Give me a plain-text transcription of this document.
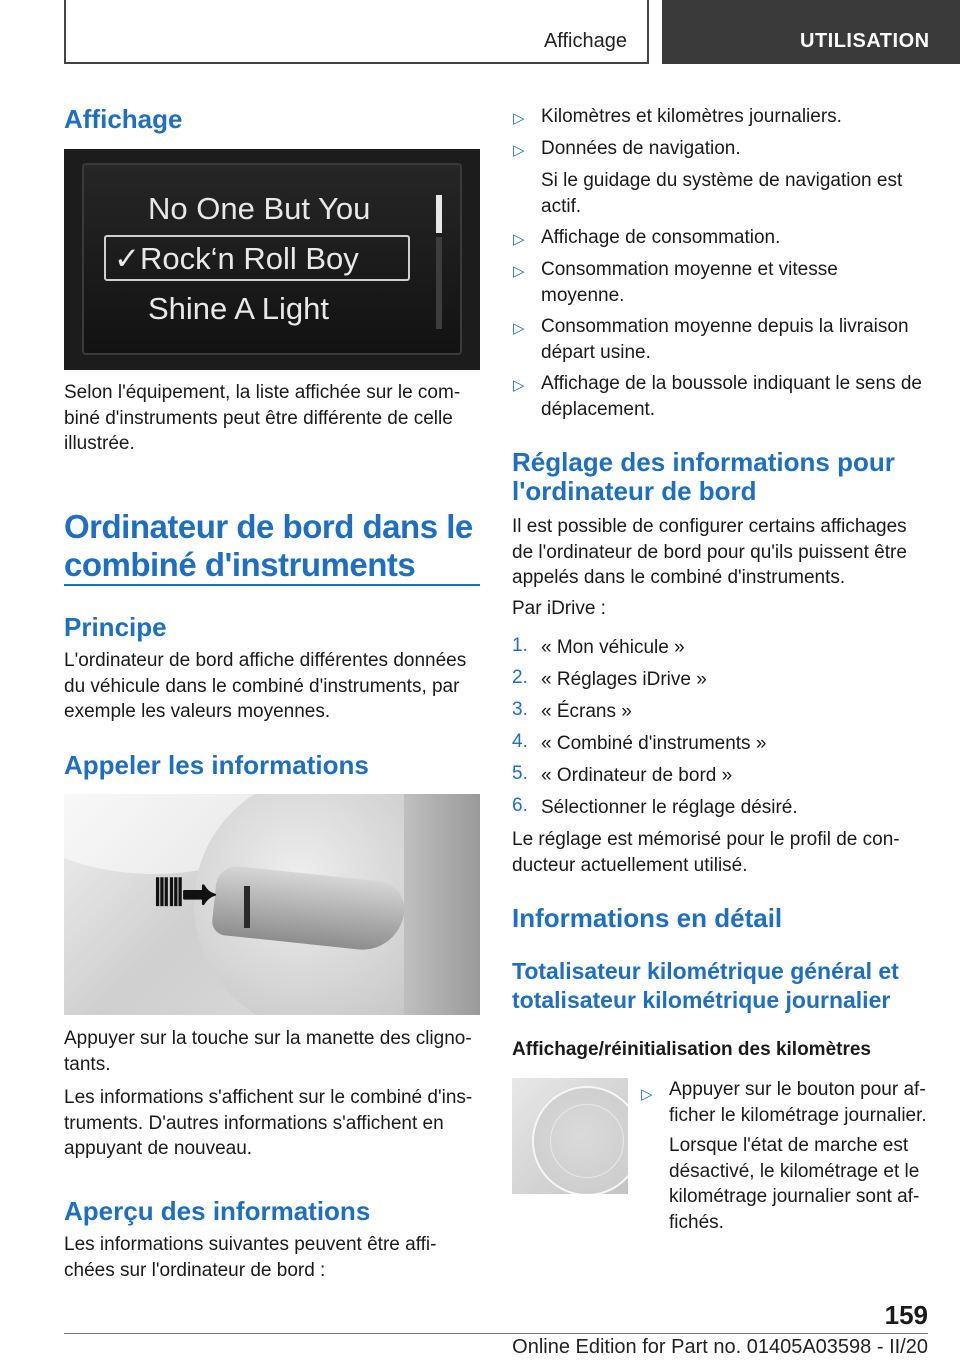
Affichage	UTILISATION
Affichage
No One But You
✓Rock‘n Roll Boy
Shine A Light
Selon l'équipement, la liste affichée sur le com-
biné d'instruments peut être différente de celle
illustrée.
Ordinateur de bord dans le
combiné d'instruments
Principe
L'ordinateur de bord affiche différentes données
du véhicule dans le combiné d'instruments, par
exemple les valeurs moyennes.
Appeler les informations
⦀⦀⮕
Appuyer sur la touche sur la manette des cligno-
tants.
Les informations s'affichent sur le combiné d'ins-
truments. D'autres informations s'affichent en
appuyant de nouveau.
Aperçu des informations
Les informations suivantes peuvent être affi-
chées sur l'ordinateur de bord :
▷ Kilomètres et kilomètres journaliers.
▷ Données de navigation.
Si le guidage du système de navigation est
actif.
▷ Affichage de consommation.
▷ Consommation moyenne et vitesse
moyenne.
▷ Consommation moyenne depuis la livraison
départ usine.
▷ Affichage de la boussole indiquant le sens de
déplacement.
Réglage des informations pour
l'ordinateur de bord
Il est possible de configurer certains affichages
de l'ordinateur de bord pour qu'ils puissent être
appelés dans le combiné d'instruments.
Par iDrive :
1. « Mon véhicule »
2. « Réglages iDrive »
3. « Écrans »
4. « Combiné d'instruments »
5. « Ordinateur de bord »
6. Sélectionner le réglage désiré.
Le réglage est mémorisé pour le profil de con-
ducteur actuellement utilisé.
Informations en détail
Totalisateur kilométrique général et
totalisateur kilométrique journalier
Affichage/réinitialisation des kilomètres
▷ Appuyer sur le bouton pour af-
ficher le kilométrage journalier.
Lorsque l'état de marche est
désactivé, le kilométrage et le
kilométrage journalier sont af-
fichés.
159
Online Edition for Part no. 01405A03598 - II/20
